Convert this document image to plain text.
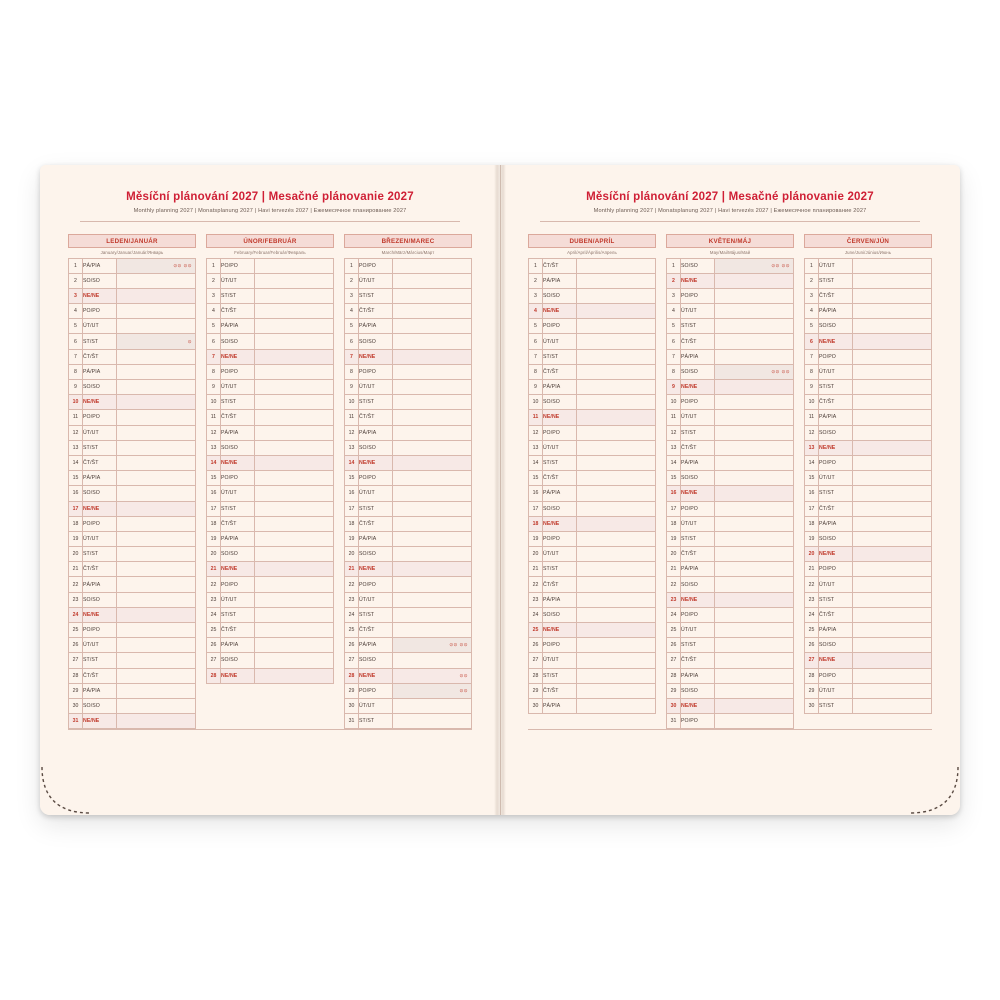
Měsíční plánování 2027 | Mesačné plánovanie 2027
Monthly planning 2027 | Monatsplanung 2027 | Havi tervezés 2027 | Ежемесячное планирование 2027
LEDEN/JANUÁR
January/Januar/Január/Январь
1	PÁ/PIA	⊙⊙ ⊙⊙

2	SO/SO	
3	NE/NE	
4	PO/PO	
5	ÚT/UT	
6	ST/ST	⊙

7	ČT/ŠT	
8	PÁ/PIA	
9	SO/SO	
10	NE/NE	
11	PO/PO	
12	ÚT/UT	
13	ST/ST	
14	ČT/ŠT	
15	PÁ/PIA	
16	SO/SO	
17	NE/NE	
18	PO/PO	
19	ÚT/UT	
20	ST/ST	
21	ČT/ŠT	
22	PÁ/PIA	
23	SO/SO	
24	NE/NE	
25	PO/PO	
26	ÚT/UT	
27	ST/ST	
28	ČT/ŠT	
29	PÁ/PIA	
30	SO/SO	
31	NE/NE	
ÚNOR/FEBRUÁR
February/Februar/Február/Февраль
1	PO/PO	
2	ÚT/UT	
3	ST/ST	
4	ČT/ŠT	
5	PÁ/PIA	
6	SO/SO	
7	NE/NE	
8	PO/PO	
9	ÚT/UT	
10	ST/ST	
11	ČT/ŠT	
12	PÁ/PIA	
13	SO/SO	
14	NE/NE	
15	PO/PO	
16	ÚT/UT	
17	ST/ST	
18	ČT/ŠT	
19	PÁ/PIA	
20	SO/SO	
21	NE/NE	
22	PO/PO	
23	ÚT/UT	
24	ST/ST	
25	ČT/ŠT	
26	PÁ/PIA	
27	SO/SO	
28	NE/NE	
BŘEZEN/MAREC
March/März/Március/Март
1	PO/PO	
2	ÚT/UT	
3	ST/ST	
4	ČT/ŠT	
5	PÁ/PIA	
6	SO/SO	
7	NE/NE	
8	PO/PO	
9	ÚT/UT	
10	ST/ST	
11	ČT/ŠT	
12	PÁ/PIA	
13	SO/SO	
14	NE/NE	
15	PO/PO	
16	ÚT/UT	
17	ST/ST	
18	ČT/ŠT	
19	PÁ/PIA	
20	SO/SO	
21	NE/NE	
22	PO/PO	
23	ÚT/UT	
24	ST/ST	
25	ČT/ŠT	
26	PÁ/PIA	⊙⊙ ⊙⊙

27	SO/SO	
28	NE/NE	⊙⊙

29	PO/PO	⊙⊙

30	ÚT/UT	
31	ST/ST	
Měsíční plánování 2027 | Mesačné plánovanie 2027
Monthly planning 2027 | Monatsplanung 2027 | Havi tervezés 2027 | Ежемесячное планирование 2027
DUBEN/APRÍL
April/April/Április/Апрель
1	ČT/ŠT	
2	PÁ/PIA	
3	SO/SO	
4	NE/NE	
5	PO/PO	
6	ÚT/UT	
7	ST/ST	
8	ČT/ŠT	
9	PÁ/PIA	
10	SO/SO	
11	NE/NE	
12	PO/PO	
13	ÚT/UT	
14	ST/ST	
15	ČT/ŠT	
16	PÁ/PIA	
17	SO/SO	
18	NE/NE	
19	PO/PO	
20	ÚT/UT	
21	ST/ST	
22	ČT/ŠT	
23	PÁ/PIA	
24	SO/SO	
25	NE/NE	
26	PO/PO	
27	ÚT/UT	
28	ST/ST	
29	ČT/ŠT	
30	PÁ/PIA	
KVĚTEN/MÁJ
May/Mai/Május/Май
1	SO/SO	⊙⊙ ⊙⊙

2	NE/NE	
3	PO/PO	
4	ÚT/UT	
5	ST/ST	
6	ČT/ŠT	
7	PÁ/PIA	
8	SO/SO	⊙⊙ ⊙⊙

9	NE/NE	
10	PO/PO	
11	ÚT/UT	
12	ST/ST	
13	ČT/ŠT	
14	PÁ/PIA	
15	SO/SO	
16	NE/NE	
17	PO/PO	
18	ÚT/UT	
19	ST/ST	
20	ČT/ŠT	
21	PÁ/PIA	
22	SO/SO	
23	NE/NE	
24	PO/PO	
25	ÚT/UT	
26	ST/ST	
27	ČT/ŠT	
28	PÁ/PIA	
29	SO/SO	
30	NE/NE	
31	PO/PO	
ČERVEN/JÚN
June/Juni/Június/Июнь
1	ÚT/UT	
2	ST/ST	
3	ČT/ŠT	
4	PÁ/PIA	
5	SO/SO	
6	NE/NE	
7	PO/PO	
8	ÚT/UT	
9	ST/ST	
10	ČT/ŠT	
11	PÁ/PIA	
12	SO/SO	
13	NE/NE	
14	PO/PO	
15	ÚT/UT	
16	ST/ST	
17	ČT/ŠT	
18	PÁ/PIA	
19	SO/SO	
20	NE/NE	
21	PO/PO	
22	ÚT/UT	
23	ST/ST	
24	ČT/ŠT	
25	PÁ/PIA	
26	SO/SO	
27	NE/NE	
28	PO/PO	
29	ÚT/UT	
30	ST/ST	
